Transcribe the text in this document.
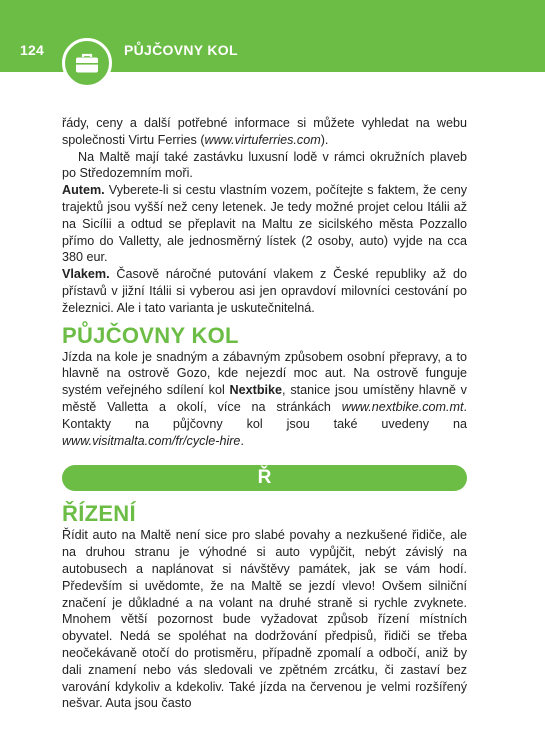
124	PŮJČOVNY KOL

řády, ceny a další potřebné informace si můžete vyhledat na webu společnosti Virtu Ferries (www.virtuferries.com).

Na Maltě mají také zastávku luxusní lodě v rámci okružních plaveb po Středozemním moři.

Autem. Vyberete-li si cestu vlastním vozem, počítejte s faktem, že ceny trajektů jsou vyšší než ceny letenek. Je tedy možné projet celou Itálii až na Sicílii a odtud se přeplavit na Maltu ze sicilského města Pozzallo přímo do Valletty, ale jednosměrný lístek (2 osoby, auto) vyjde na cca 380 eur.

Vlakem. Časově náročné putování vlakem z České republiky až do přístavů v jižní Itálii si vyberou asi jen opravdoví milovníci cestování po železnici. Ale i tato varianta je uskutečnitelná.

PŮJČOVNY KOL

Jízda na kole je snadným a zábavným způsobem osobní přepravy, a to hlavně na ostrově Gozo, kde nejezdí moc aut. Na ostrově funguje systém veřejného sdílení kol Nextbike, stanice jsou umístěny hlavně v městě Valletta a okolí, více na stránkách www.nextbike.com.mt. Kontakty na půjčovny kol jsou také uvedeny na www.visitmalta.com/fr/cycle-hire.

Ř
ŘÍZENÍ

Řídit auto na Maltě není sice pro slabé povahy a nezkušené řidiče, ale na druhou stranu je výhodné si auto vypůjčit, nebýt závislý na autobusech a naplánovat si návštěvy památek, jak se vám hodí. Především si uvědomte, že na Maltě se jezdí vlevo! Ovšem silniční značení je důkladné a na volant na druhé straně si rychle zvyknete. Mnohem větší pozornost bude vyžadovat způsob řízení místních obyvatel. Nedá se spoléhat na dodržování předpisů, řidiči se třeba neočekávaně otočí do protisměru, případně zpomalí a odbočí, aniž by dali znamení nebo vás sledovali ve zpětném zrcátku, či zastaví bez varování kdykoliv a kdekoliv. Také jízda na červenou je velmi rozšířený nešvar. Auta jsou často
